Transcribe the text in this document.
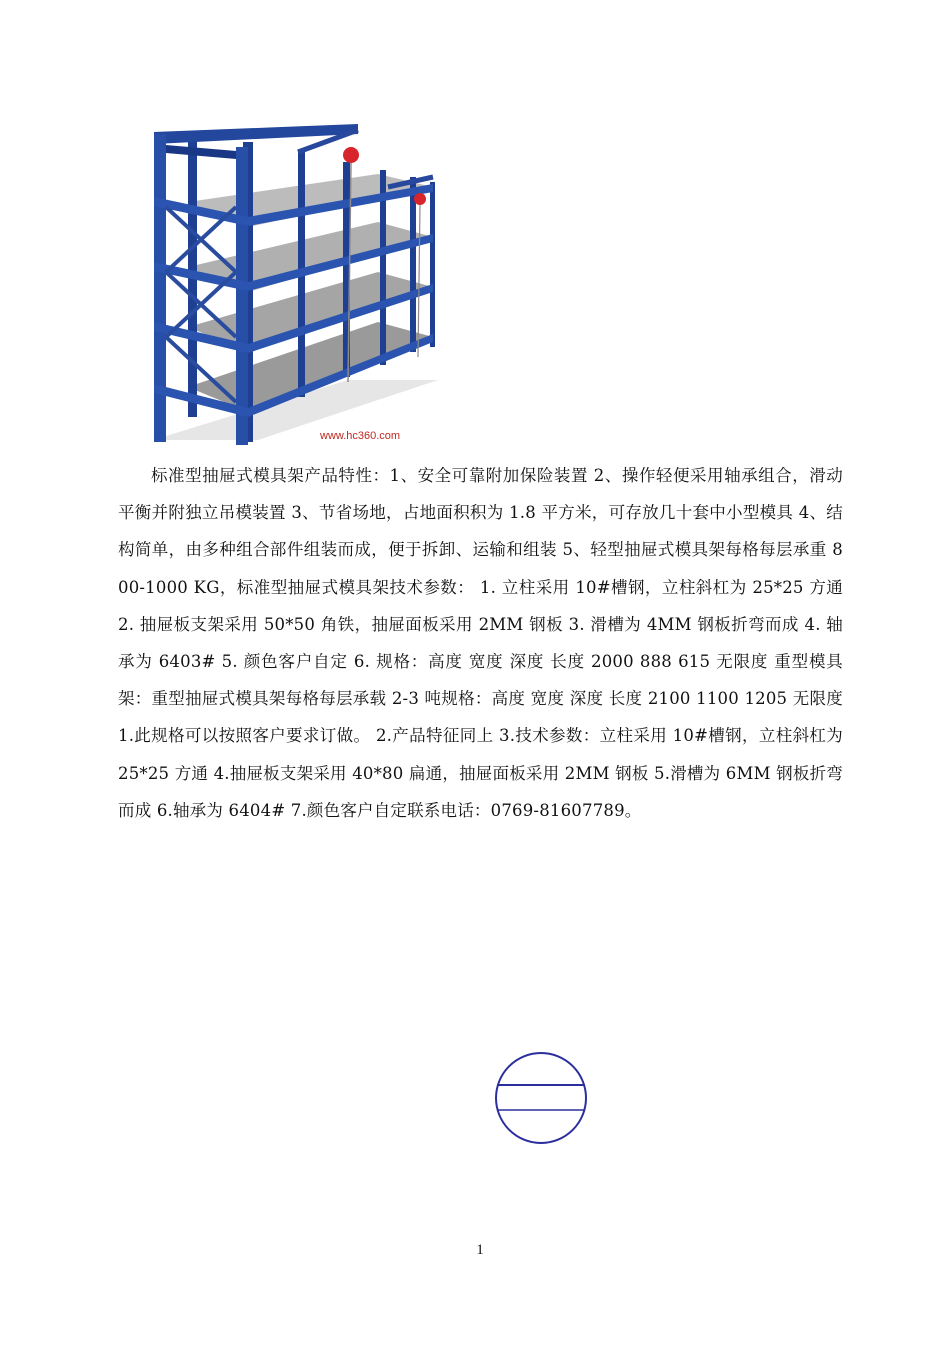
www.hc360.com

标准型抽屉式模具架产品特性：1、安全可靠附加保险装置 2、操作轻便采用轴承组合，滑动平衡并附独立吊模装置 3、节省场地，占地面积积为 1.8 平方米，可存放几十套中小型模具 4、结构简单，由多种组合部件组装而成，便于拆卸、运输和组装 5、轻型抽屉式模具架每格每层承重 800-1000 KG，标准型抽屉式模具架技术参数： 1. 立柱采用 10#槽钢，立柱斜杠为 25*25 方通 2. 抽屉板支架采用 50*50 角铁，抽屉面板采用 2MM 钢板 3. 滑槽为 4MM 钢板折弯而成 4. 轴承为 6403# 5. 颜色客户自定 6. 规格：高度 宽度 深度 长度 2000 888 615 无限度 重型模具架：重型抽屉式模具架每格每层承载 2-3 吨规格：高度 宽度 深度 长度 2100 1100 1205 无限度 1.此规格可以按照客户要求订做。 2.产品特征同上 3.技术参数：立柱采用 10#槽钢，立柱斜杠为 25*25 方通 4.抽屉板支架采用 40*80 扁通，抽屉面板采用 2MM 钢板 5.滑槽为 6MM 钢板折弯而成 6.轴承为 6404# 7.颜色客户自定联系电话：0769-81607789。

1
